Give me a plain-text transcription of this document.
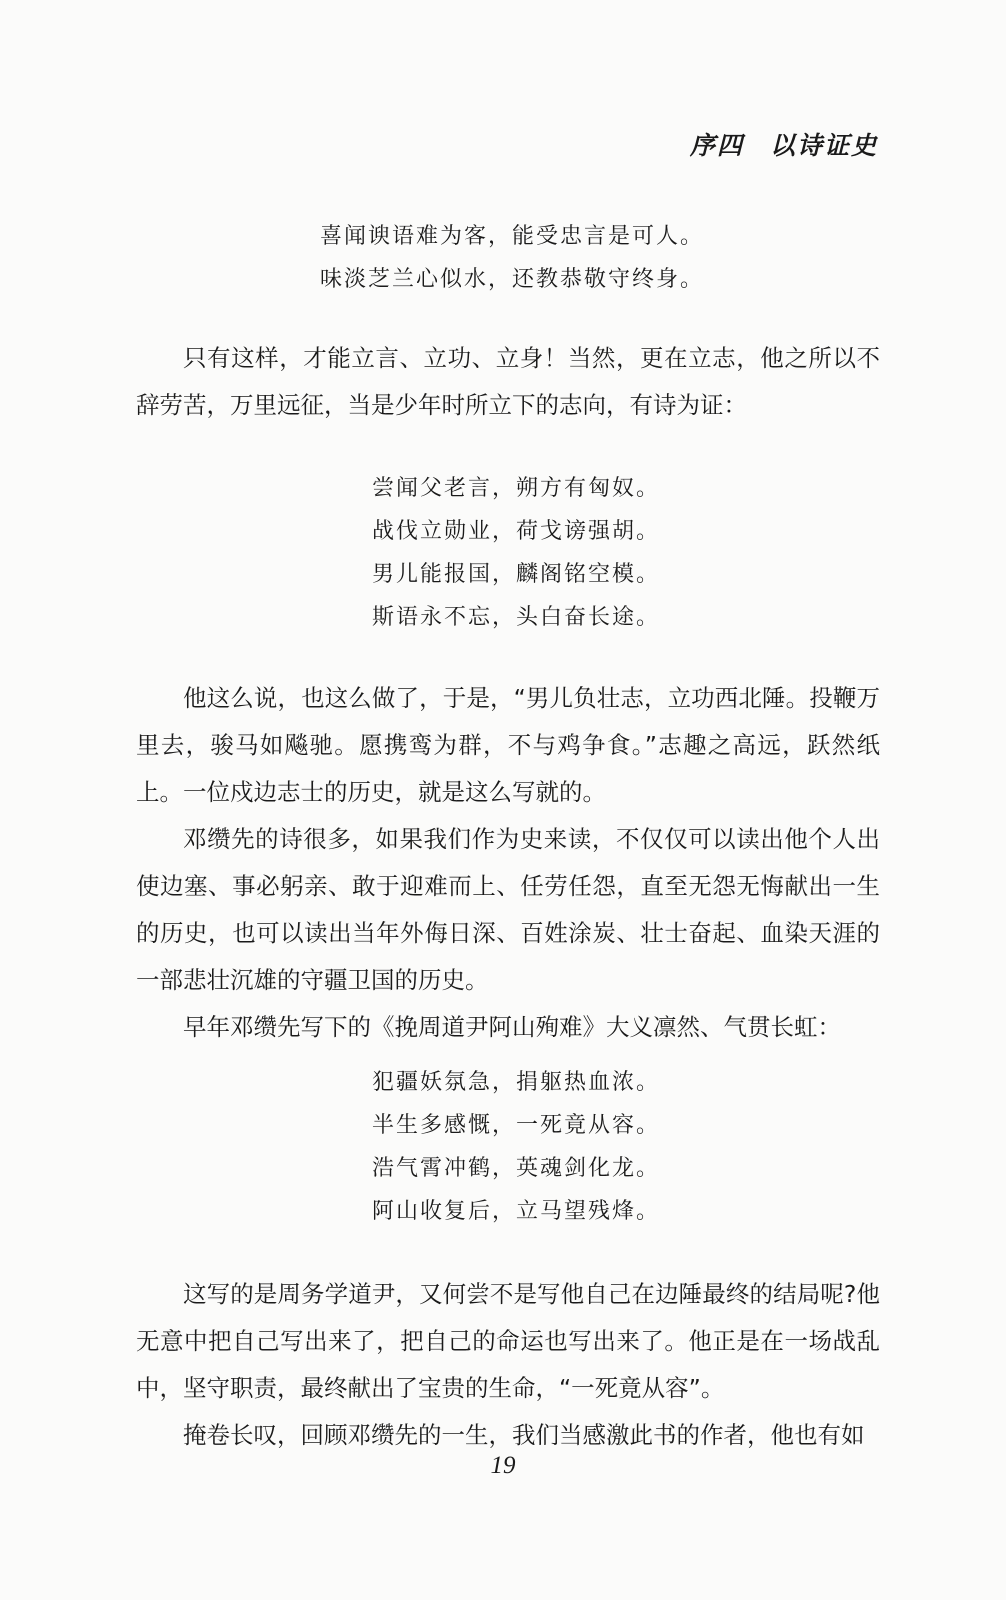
序四 以诗证史
喜闻谀语难为客，能受忠言是可人。
味淡芝兰心似水，还教恭敬守终身。

只有这样，才能立言、立功、立身！当然，更在立志，他之所以不辞劳苦，万里远征，当是少年时所立下的志向，有诗为证：

尝闻父老言，朔方有匈奴。
战伐立勋业，荷戈谤强胡。
男儿能报国，麟阁铭空模。
斯语永不忘，头白奋长途。

他这么说，也这么做了，于是，“男儿负壮志，立功西北陲。投鞭万里去，骏马如飚驰。愿携鸾为群，不与鸡争食。”志趣之高远，跃然纸上。一位戍边志士的历史，就是这么写就的。

邓缵先的诗很多，如果我们作为史来读，不仅仅可以读出他个人出使边塞、事必躬亲、敢于迎难而上、任劳任怨，直至无怨无悔献出一生的历史，也可以读出当年外侮日深、百姓涂炭、壮士奋起、血染天涯的一部悲壮沉雄的守疆卫国的历史。

早年邓缵先写下的《挽周道尹阿山殉难》大义凛然、气贯长虹：

犯疆妖氛急，捐躯热血浓。
半生多感慨，一死竟从容。
浩气霄冲鹤，英魂剑化龙。
阿山收复后，立马望残烽。

这写的是周务学道尹，又何尝不是写他自己在边陲最终的结局呢?他无意中把自己写出来了，把自己的命运也写出来了。他正是在一场战乱中，坚守职责，最终献出了宝贵的生命，“一死竟从容”。

掩卷长叹，回顾邓缵先的一生，我们当感激此书的作者，他也有如

19
